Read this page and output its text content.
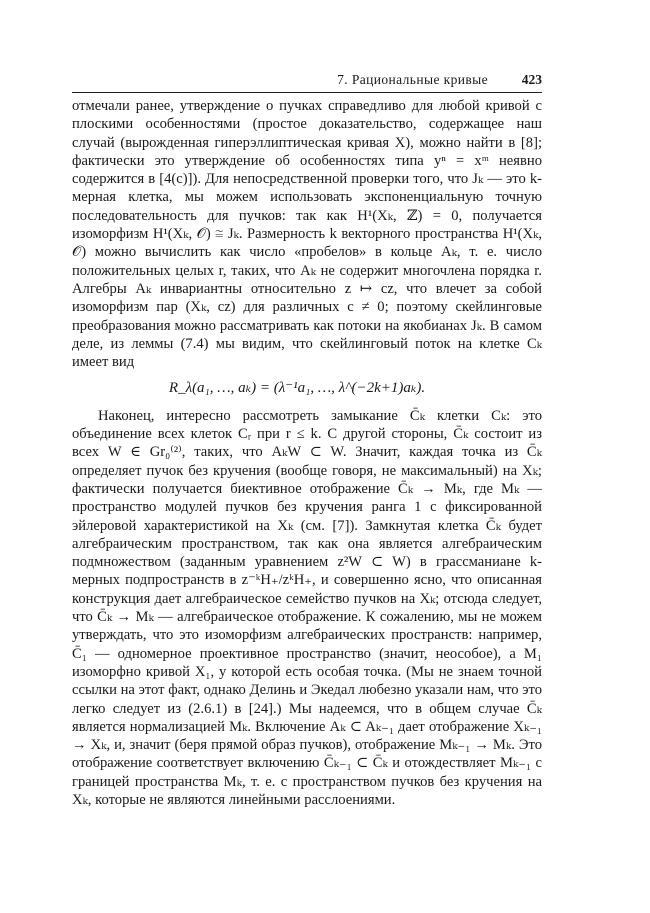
7. Рациональные кривые	423

отмечали ранее, утверждение о пучках справедливо для любой кривой с плоскими особенностями (простое доказательство, содержащее наш случай (вырожденная гиперэллиптическая кривая X), можно найти в [8]; фактически это утверждение об особенностях типа yⁿ = xᵐ неявно содержится в [4(c)]). Для непосредственной проверки того, что Jₖ — это k-мерная клетка, мы можем использовать экспоненциальную точную последовательность для пучков: так как H¹(Xₖ, ℤ) = 0, получается изоморфизм H¹(Xₖ, 𝒪) ≅ Jₖ. Размерность k векторного пространства H¹(Xₖ, 𝒪) можно вычислить как число «пробелов» в кольце Aₖ, т. е. число положительных целых r, таких, что Aₖ не содержит многочлена порядка r. Алгебры Aₖ инвариантны относительно z ↦ cz, что влечет за собой изоморфизм пар (Xₖ, cz) для различных c ≠ 0; поэтому скейлинговые преобразования можно рассматривать как потоки на якобианах Jₖ. В самом деле, из леммы (7.4) мы видим, что скейлинговый поток на клетке Cₖ имеет вид

R_λ(a₁, …, aₖ) = (λ⁻¹a₁, …, λ^(−2k+1)aₖ).

Наконец, интересно рассмотреть замыкание C̄ₖ клетки Cₖ: это объединение всех клеток Cᵣ при r ≤ k. С другой стороны, C̄ₖ состоит из всех W ∈ Gr₀⁽²⁾, таких, что AₖW ⊂ W. Значит, каждая точка из C̄ₖ определяет пучок без кручения (вообще говоря, не максимальный) на Xₖ; фактически получается биективное отображение C̄ₖ → Mₖ, где Mₖ — пространство модулей пучков без кручения ранга 1 с фиксированной эйлеровой характеристикой на Xₖ (см. [7]). Замкнутая клетка C̄ₖ будет алгебраическим пространством, так как она является алгебраическим подмножеством (заданным уравнением z²W ⊂ W) в грассманиане k-мерных подпространств в z⁻ᵏH₊/zᵏH₊, и совершенно ясно, что описанная конструкция дает алгебраическое семейство пучков на Xₖ; отсюда следует, что C̄ₖ → Mₖ — алгебраическое отображение. К сожалению, мы не можем утверждать, что это изоморфизм алгебраических пространств: например, C̄₁ — одномерное проективное пространство (значит, неособое), а M₁ изоморфно кривой X₁, у которой есть особая точка. (Мы не знаем точной ссылки на этот факт, однако Делинь и Экедал любезно указали нам, что это легко следует из (2.6.1) в [24].) Мы надеемся, что в общем случае C̄ₖ является нормализацией Mₖ. Включение Aₖ ⊂ Aₖ₋₁ дает отображение Xₖ₋₁ → Xₖ, и, значит (беря прямой образ пучков), отображение Mₖ₋₁ → Mₖ. Это отображение соответствует включению C̄ₖ₋₁ ⊂ C̄ₖ и отождествляет Mₖ₋₁ с границей пространства Mₖ, т. е. с пространством пучков без кручения на Xₖ, которые не являются линейными расслоениями.
